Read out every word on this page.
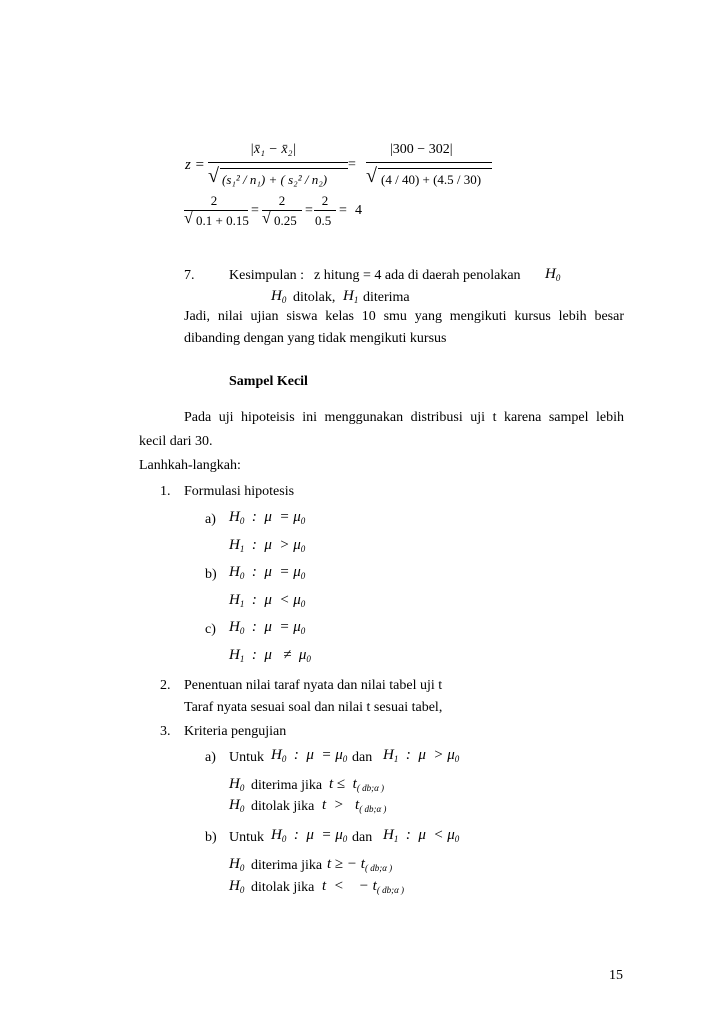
z =
|x̄₁ − x̄₂|
√ (s₁² / n₁) + ( s₂² / n₂)
=
|300 − 302|
√ (4 / 40) + (4.5 / 30)
2
√ 0.1 + 0.15
=
2
√ 0.25
=
2
0.5
= 4
7. Kesimpulan : z hitung = 4 ada di daerah penolakan $H_0$
$H_0$ ditolak, $H_1$ diterima
Jadi, nilai ujian siswa kelas 10 smu yang mengikuti kursus lebih besar
dibanding dengan yang tidak mengikuti kursus
Sampel Kecil
Pada uji hipoteisis ini menggunakan distribusi uji t karena sampel lebih
kecil dari 30.
Lanhkah-langkah:
1. Formulasi hipotesis
a) $H_0$  :  $\mu = \mu_0$
$H_1$  :  $\mu > \mu_0$
b) $H_0$  :  $\mu = \mu_0$
$H_1$  :  $\mu < \mu_0$
c) $H_0$  :  $\mu = \mu_0$
$H_1$  :  $\mu \ne \mu_0$
2. Penentuan nilai taraf nyata dan nilai tabel uji t
Taraf nyata sesuai soal dan nilai t sesuai tabel,
3. Kriteria pengujian
a) Untuk $H_0$  :  $\mu = \mu_0$ dan $H_1$  :  $\mu > \mu_0$
$H_0$ diterima jika $t \le t_{( db;\alpha )}$
$H_0$ ditolak jika $t > t_{( db;\alpha )}$
b) Untuk $H_0$  :  $\mu = \mu_0$ dan $H_1$  :  $\mu < \mu_0$
$H_0$ diterima jika t ≥ − $t_{( db;\alpha )}$
$H_0$ ditolak jika t  <    − $t_{( db;\alpha )}$
15
